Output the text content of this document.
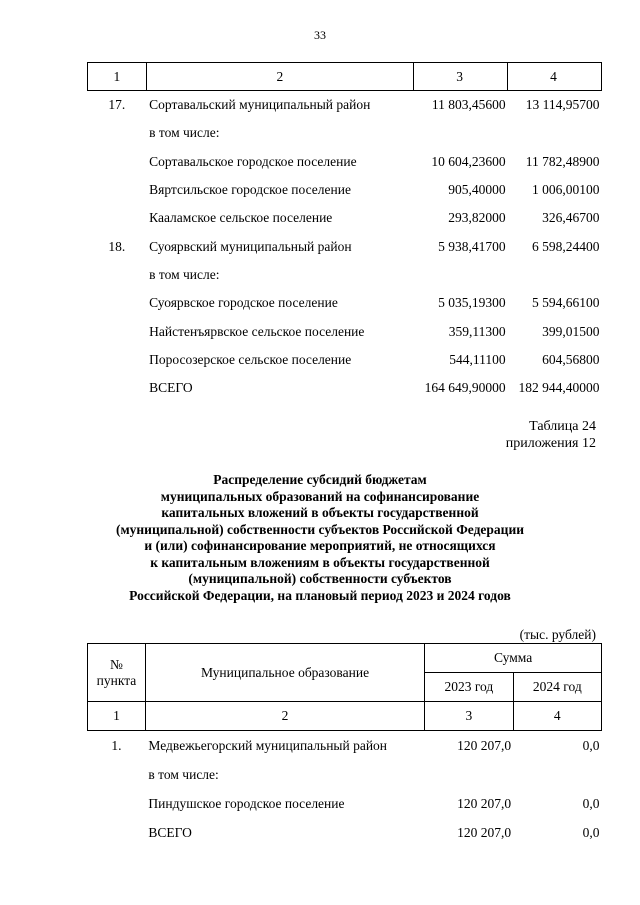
33
1	2	3	4
17.	Сортавальский муниципальный район	11 803,45600	13 114,95700
	в том числе:		
	Сортавальское городское поселение	10 604,23600	11 782,48900
	Вяртсильское городское поселение	905,40000	1 006,00100
	Кааламское сельское поселение	293,82000	326,46700
18.	Суоярвский муниципальный район	5 938,41700	6 598,24400
	в том числе:		
	Суоярвское городское поселение	5 035,19300	5 594,66100
	Найстенъярвское сельское поселение	359,11300	399,01500
	Поросозерское сельское поселение	544,11100	604,56800
	ВСЕГО	164 649,90000	182 944,40000
Таблица 24
приложения 12
Распределение субсидий бюджетам
муниципальных образований на софинансирование
капитальных вложений в объекты государственной
(муниципальной) собственности субъектов Российской Федерации
и (или) софинансирование мероприятий, не относящихся
к капитальным вложениям в объекты государственной
(муниципальной) собственности субъектов
Российской Федерации, на плановый период 2023 и 2024 годов
(тыс. рублей)
№ пункта	Муниципальное образование	Сумма	
		2023 год	2024 год
1	2	3	4
1.	Медвежьегорский муниципальный район	120 207,0	0,0
	в том числе:		
	Пиндушское городское поселение	120 207,0	0,0
	ВСЕГО	120 207,0	0,0
